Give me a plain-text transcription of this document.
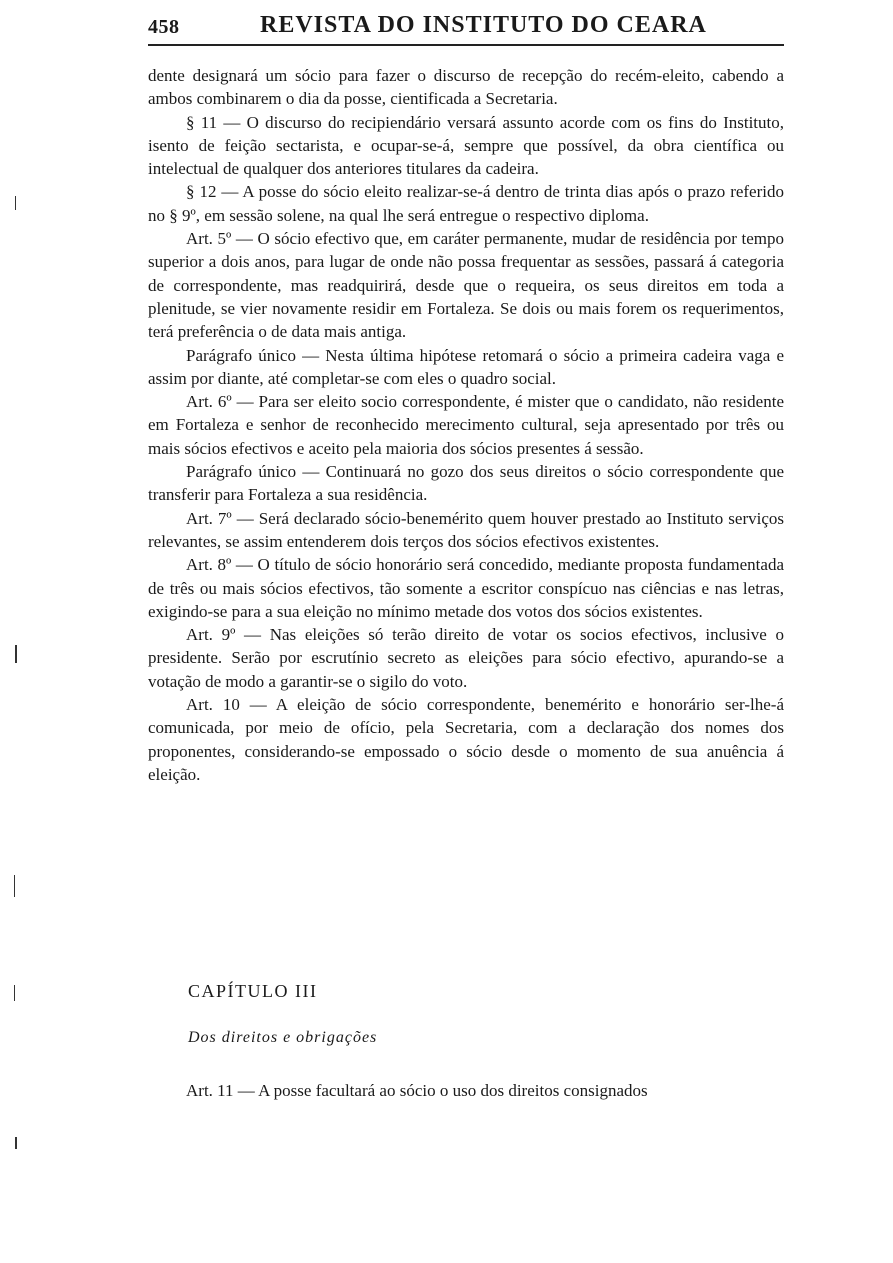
458	REVISTA DO INSTITUTO DO CEARA

dente designará um sócio para fazer o discurso de recepção do recém-eleito, cabendo a ambos combinarem o dia da posse, cientificada a Secretaria.

§ 11 — O discurso do recipiendário versará assunto acorde com os fins do Instituto, isento de feição sectarista, e ocupar-se-á, sempre que possível, da obra científica ou intelectual de qualquer dos anteriores titulares da cadeira.

§ 12 — A posse do sócio eleito realizar-se-á dentro de trinta dias após o prazo referido no § 9º, em sessão solene, na qual lhe será entregue o respectivo diploma.

Art. 5º — O sócio efectivo que, em caráter permanente, mudar de residência por tempo superior a dois anos, para lugar de onde não possa frequentar as sessões, passará á categoria de correspondente, mas readquirirá, desde que o requeira, os seus direitos em toda a plenitude, se vier novamente residir em Fortaleza. Se dois ou mais forem os requerimentos, terá preferência o de data mais antiga.

Parágrafo único — Nesta última hipótese retomará o sócio a primeira cadeira vaga e assim por diante, até completar-se com eles o quadro social.

Art. 6º — Para ser eleito socio correspondente, é mister que o candidato, não residente em Fortaleza e senhor de reconhecido merecimento cultural, seja apresentado por três ou mais sócios efectivos e aceito pela maioria dos sócios presentes á sessão.

Parágrafo único — Continuará no gozo dos seus direitos o sócio correspondente que transferir para Fortaleza a sua residência.

Art. 7º — Será declarado sócio-benemérito quem houver prestado ao Instituto serviços relevantes, se assim entenderem dois terços dos sócios efectivos existentes.

Art. 8º — O título de sócio honorário será concedido, mediante proposta fundamentada de três ou mais sócios efectivos, tão somente a escritor conspícuo nas ciências e nas letras, exigindo-se para a sua eleição no mínimo metade dos votos dos sócios existentes.

Art. 9º — Nas eleições só terão direito de votar os socios efectivos, inclusive o presidente. Serão por escrutínio secreto as eleições para sócio efectivo, apurando-se a votação de modo a garantir-se o sigilo do voto.

Art. 10 — A eleição de sócio correspondente, benemérito e honorário ser-lhe-á comunicada, por meio de ofício, pela Secretaria, com a declaração dos nomes dos proponentes, considerando-se empossado o sócio desde o momento de sua anuência á eleição.

CAPÍTULO III
Dos direitos e obrigações
Art. 11 — A posse facultará ao sócio o uso dos direitos consignados
